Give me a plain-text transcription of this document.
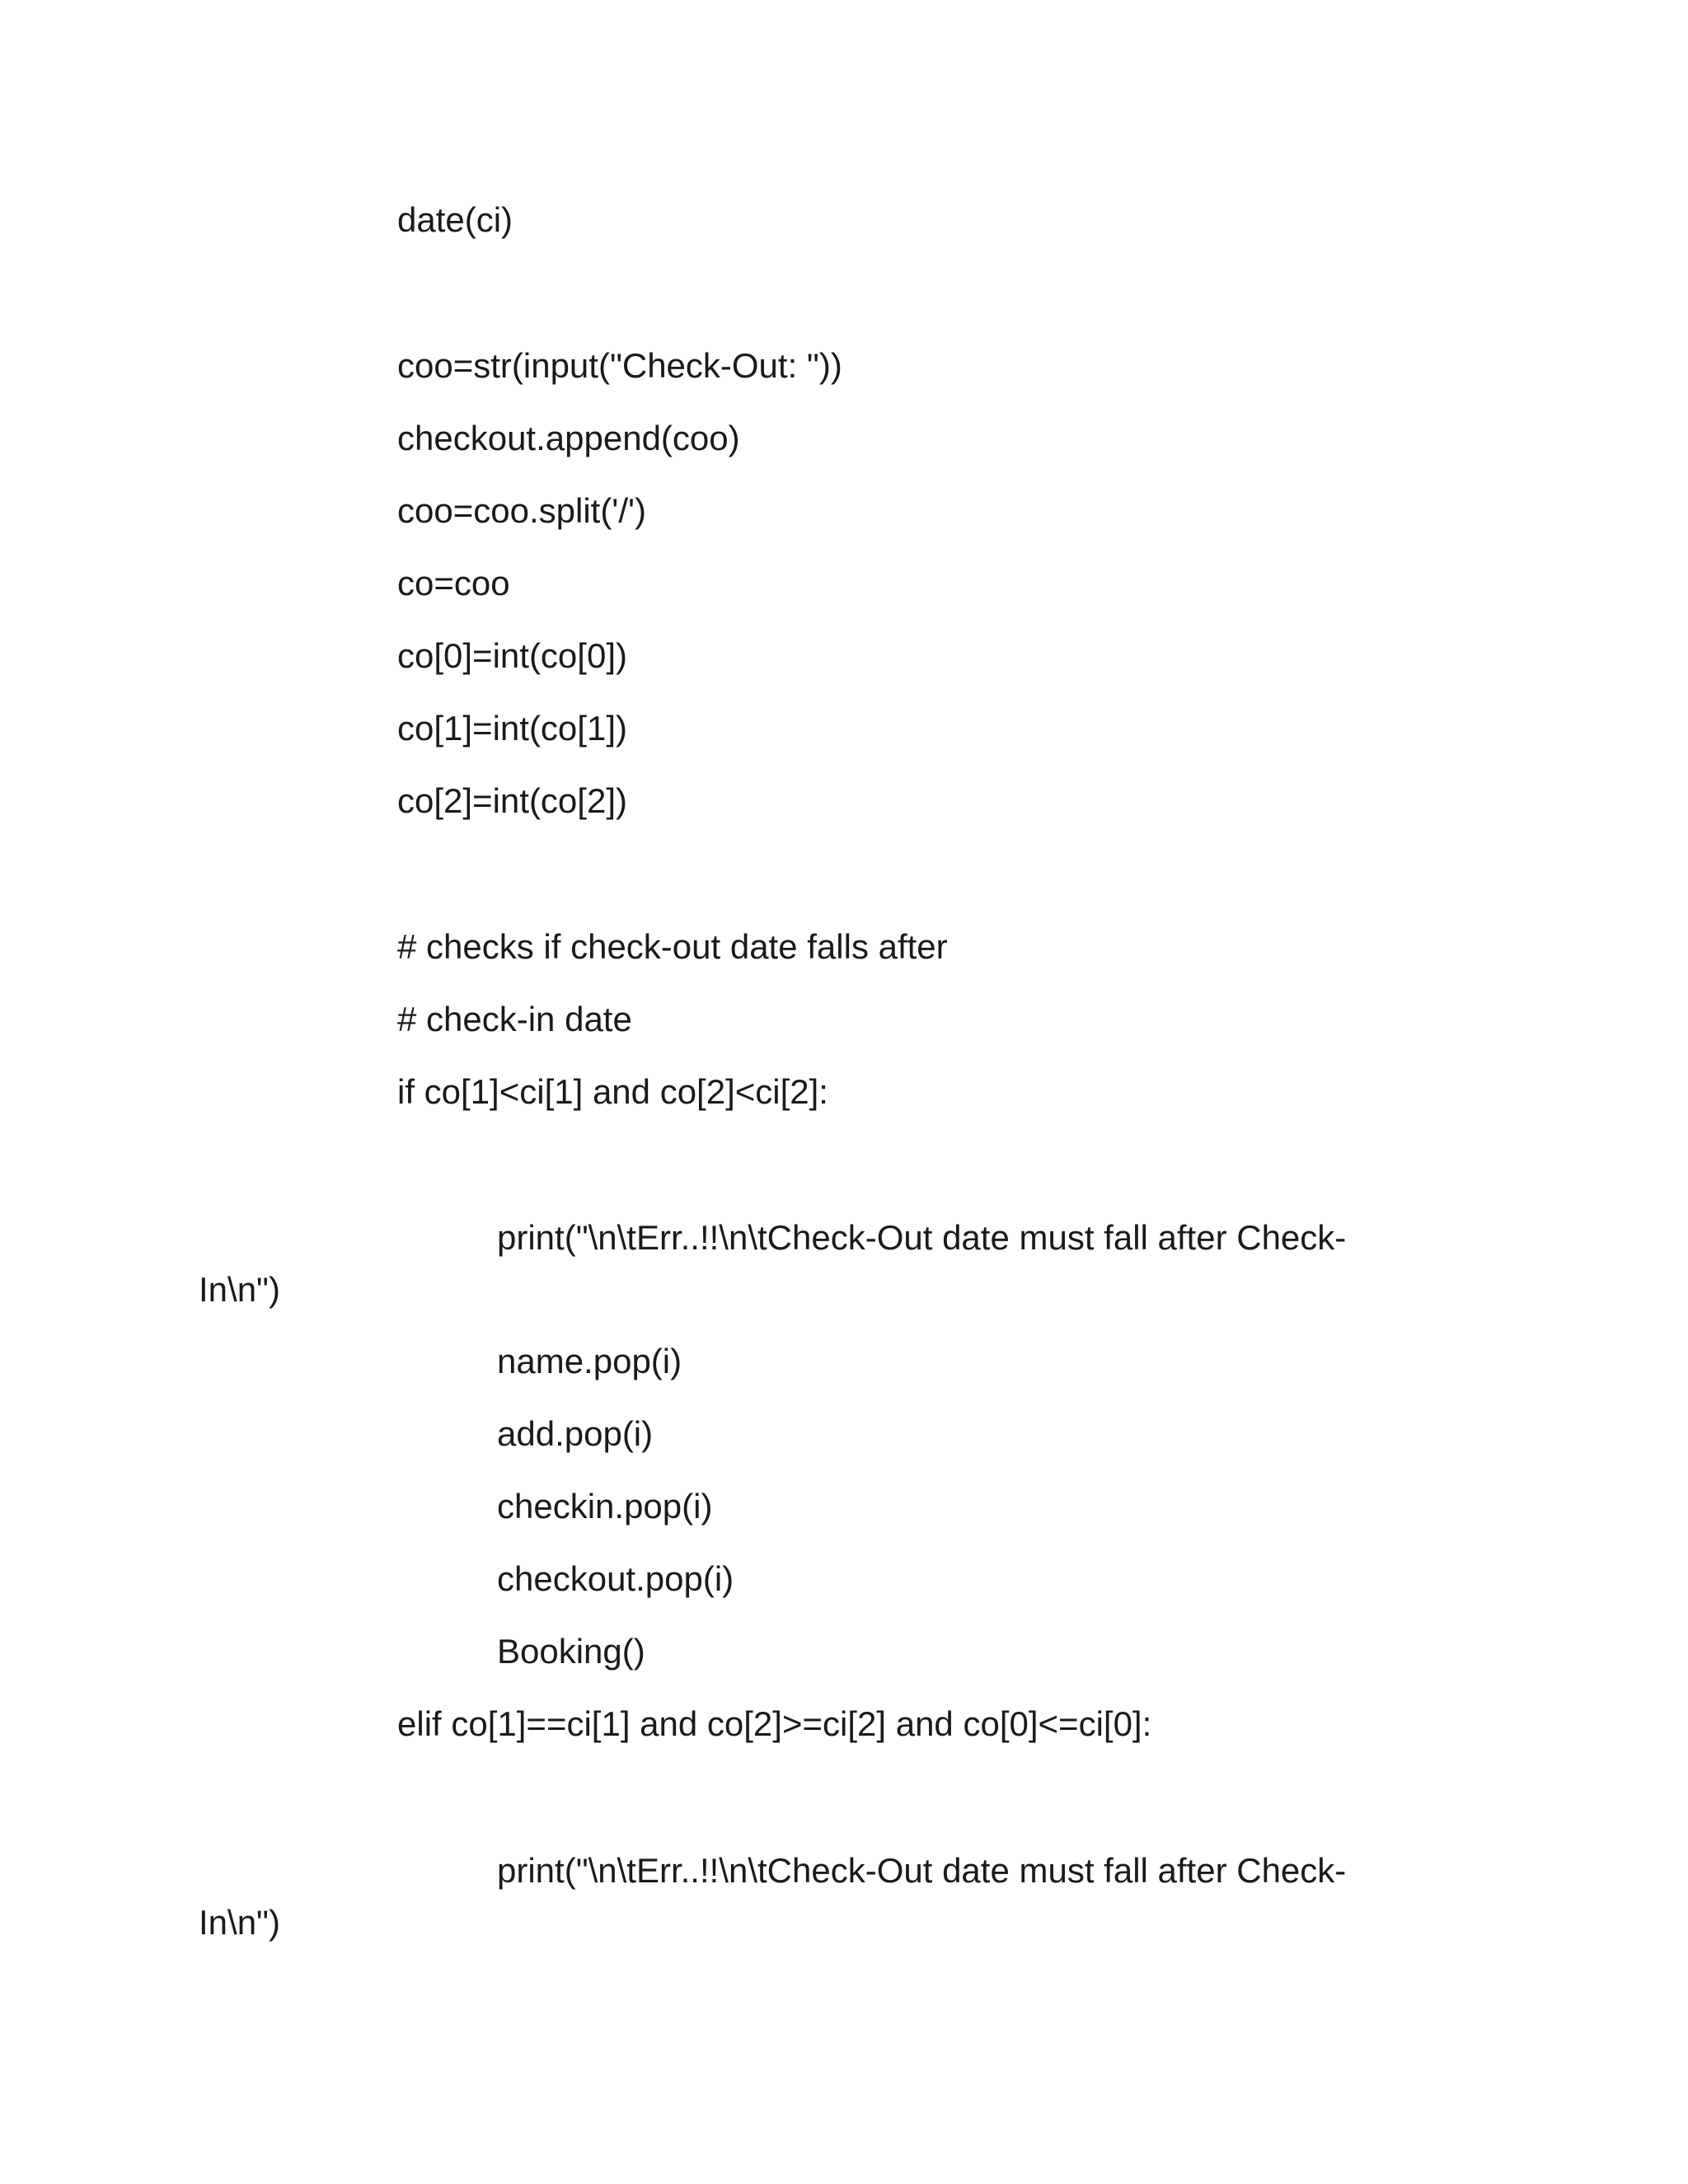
date(ci)
coo=str(input("Check-Out: "))
checkout.append(coo)
coo=coo.split('/')
co=coo
co[0]=int(co[0])
co[1]=int(co[1])
co[2]=int(co[2])
# checks if check-out date falls after
# check-in date
if co[1]<ci[1] and co[2]<ci[2]:
print("\n\tErr..!!\n\tCheck-Out date must fall after Check-
In\n")
name.pop(i)
add.pop(i)
checkin.pop(i)
checkout.pop(i)
Booking()
elif co[1]==ci[1] and co[2]>=ci[2] and co[0]<=ci[0]:
print("\n\tErr..!!\n\tCheck-Out date must fall after Check-
In\n")
